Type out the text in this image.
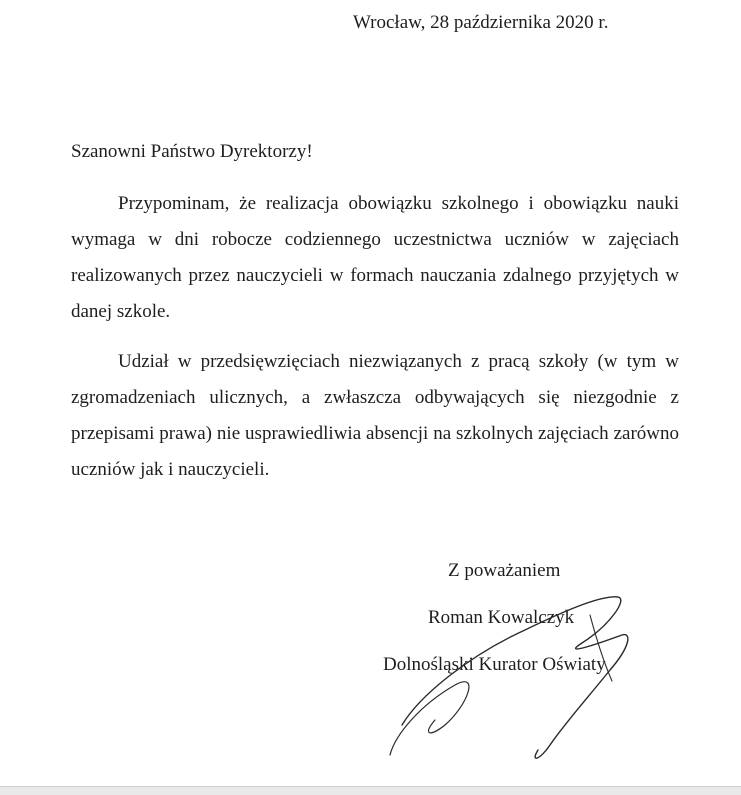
Wrocław, 28 października 2020 r.
Szanowni Państwo Dyrektorzy!
Przypominam, że realizacja obowiązku szkolnego i obowiązku nauki wymaga w dni robocze codziennego uczestnictwa uczniów w zajęciach realizowanych przez nauczycieli w formach nauczania zdalnego przyjętych w danej szkole.
Udział w przedsięwzięciach niezwiązanych z pracą szkoły (w tym w zgromadzeniach ulicznych, a zwłaszcza odbywających się niezgodnie z przepisami prawa) nie usprawiedliwia absencji na szkolnych zajęciach zarówno uczniów jak i nauczycieli.
Z poważaniem
Roman Kowalczyk
Dolnośląski Kurator Oświaty
